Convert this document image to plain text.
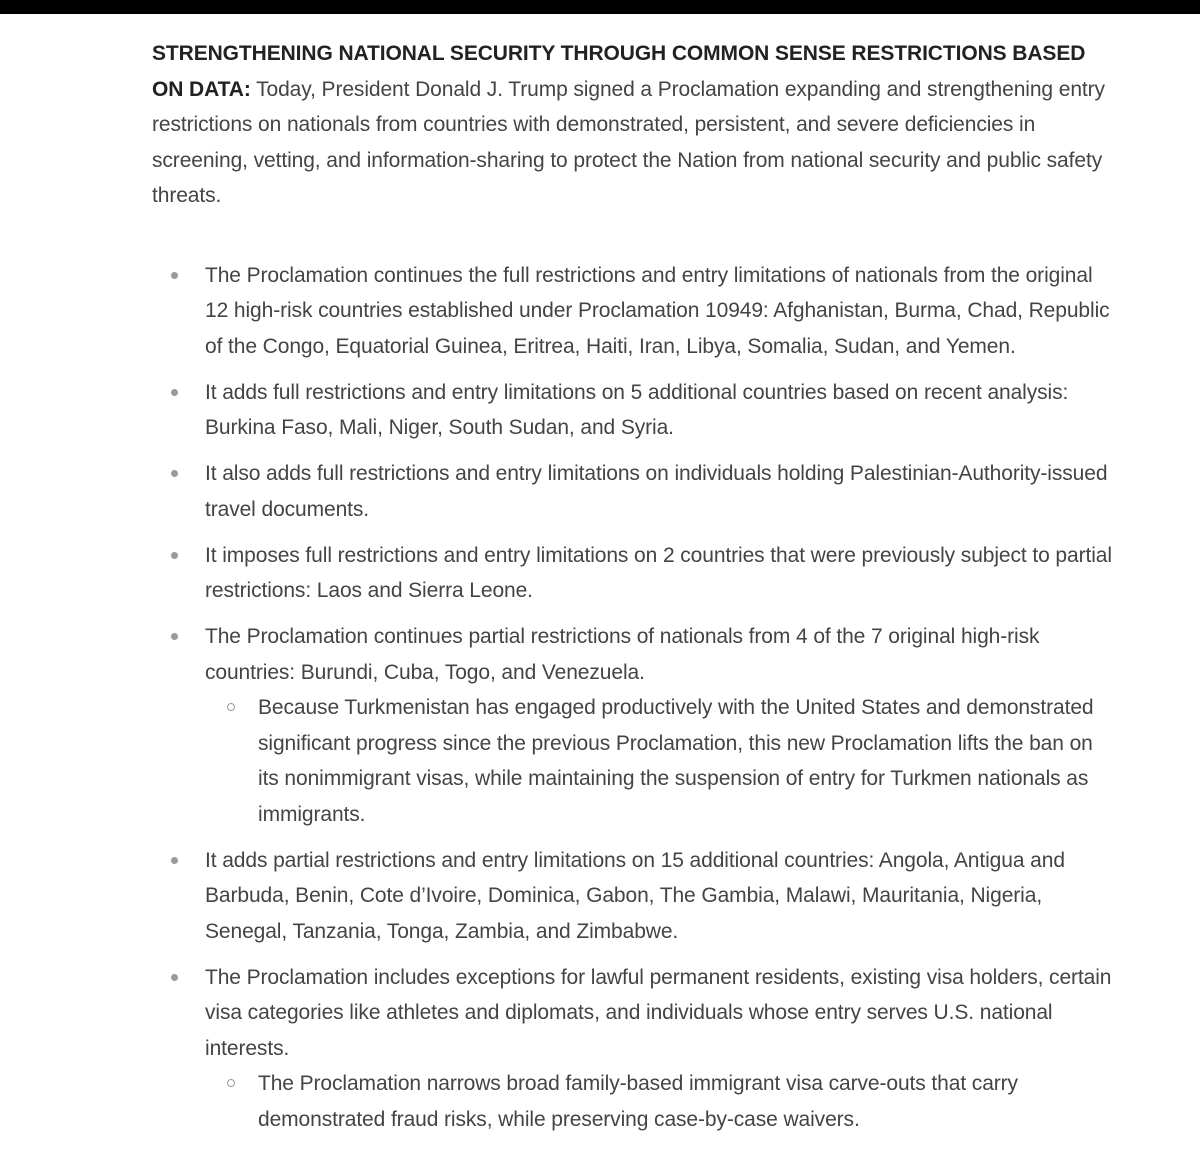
STRENGTHENING NATIONAL SECURITY THROUGH COMMON SENSE RESTRICTIONS BASED ON DATA: Today, President Donald J. Trump signed a Proclamation expanding and strengthening entry restrictions on nationals from countries with demonstrated, persistent, and severe deficiencies in screening, vetting, and information-sharing to protect the Nation from national security and public safety threats.

The Proclamation continues the full restrictions and entry limitations of nationals from the original 12 high-risk countries established under Proclamation 10949: Afghanistan, Burma, Chad, Republic of the Congo, Equatorial Guinea, Eritrea, Haiti, Iran, Libya, Somalia, Sudan, and Yemen.
It adds full restrictions and entry limitations on 5 additional countries based on recent analysis: Burkina Faso, Mali, Niger, South Sudan, and Syria.
It also adds full restrictions and entry limitations on individuals holding Palestinian-Authority-issued travel documents.
It imposes full restrictions and entry limitations on 2 countries that were previously subject to partial restrictions: Laos and Sierra Leone.
The Proclamation continues partial restrictions of nationals from 4 of the 7 original high-risk countries: Burundi, Cuba, Togo, and Venezuela.
Because Turkmenistan has engaged productively with the United States and demonstrated significant progress since the previous Proclamation, this new Proclamation lifts the ban on its nonimmigrant visas, while maintaining the suspension of entry for Turkmen nationals as immigrants.
It adds partial restrictions and entry limitations on 15 additional countries: Angola, Antigua and Barbuda, Benin, Cote d’Ivoire, Dominica, Gabon, The Gambia, Malawi, Mauritania, Nigeria, Senegal, Tanzania, Tonga, Zambia, and Zimbabwe.
The Proclamation includes exceptions for lawful permanent residents, existing visa holders, certain visa categories like athletes and diplomats, and individuals whose entry serves U.S. national interests.
The Proclamation narrows broad family-based immigrant visa carve-outs that carry demonstrated fraud risks, while preserving case-by-case waivers.
